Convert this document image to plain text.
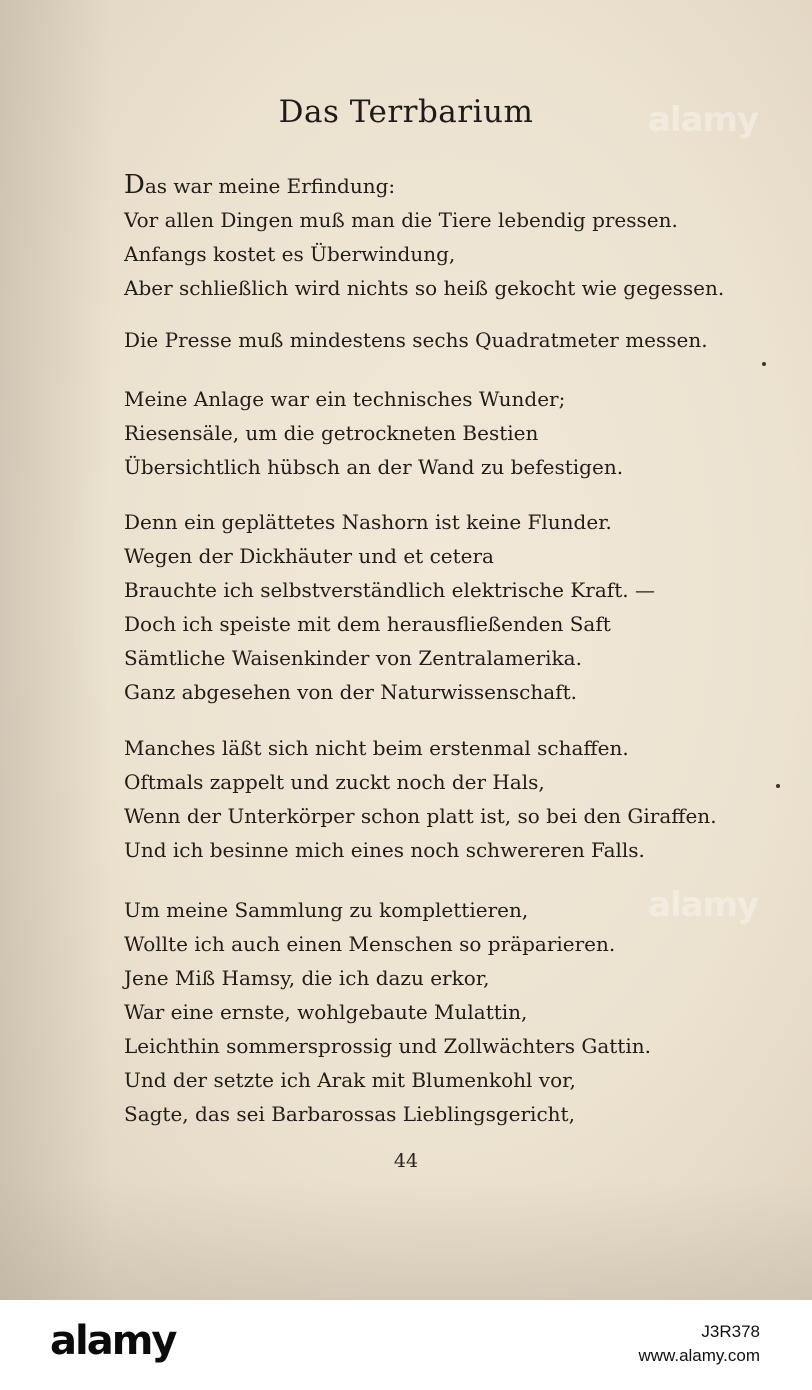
alamy
alamy
Das Terrbarium
Das war meine Erfindung:
Vor allen Dingen muß man die Tiere lebendig pressen.
Anfangs kostet es Überwindung,
Aber schließlich wird nichts so heiß gekocht wie gegessen.
Die Presse muß mindestens sechs Quadratmeter messen.
Meine Anlage war ein technisches Wunder;
Riesensäle, um die getrockneten Bestien
Übersichtlich hübsch an der Wand zu befestigen.
Denn ein geplättetes Nashorn ist keine Flunder.
Wegen der Dickhäuter und et cetera
Brauchte ich selbstverständlich elektrische Kraft. —
Doch ich speiste mit dem herausfließenden Saft
Sämtliche Waisenkinder von Zentralamerika.
Ganz abgesehen von der Naturwissenschaft.
Manches läßt sich nicht beim erstenmal schaffen.
Oftmals zappelt und zuckt noch der Hals,
Wenn der Unterkörper schon platt ist, so bei den Giraffen.
Und ich besinne mich eines noch schwereren Falls.
Um meine Sammlung zu komplettieren,
Wollte ich auch einen Menschen so präparieren.
Jene Miß Hamsy, die ich dazu erkor,
War eine ernste, wohlgebaute Mulattin,
Leichthin sommersprossig und Zollwächters Gattin.
Und der setzte ich Arak mit Blumenkohl vor,
Sagte, das sei Barbarossas Lieblingsgericht,
44
alamy	J3R378
www.alamy.com
